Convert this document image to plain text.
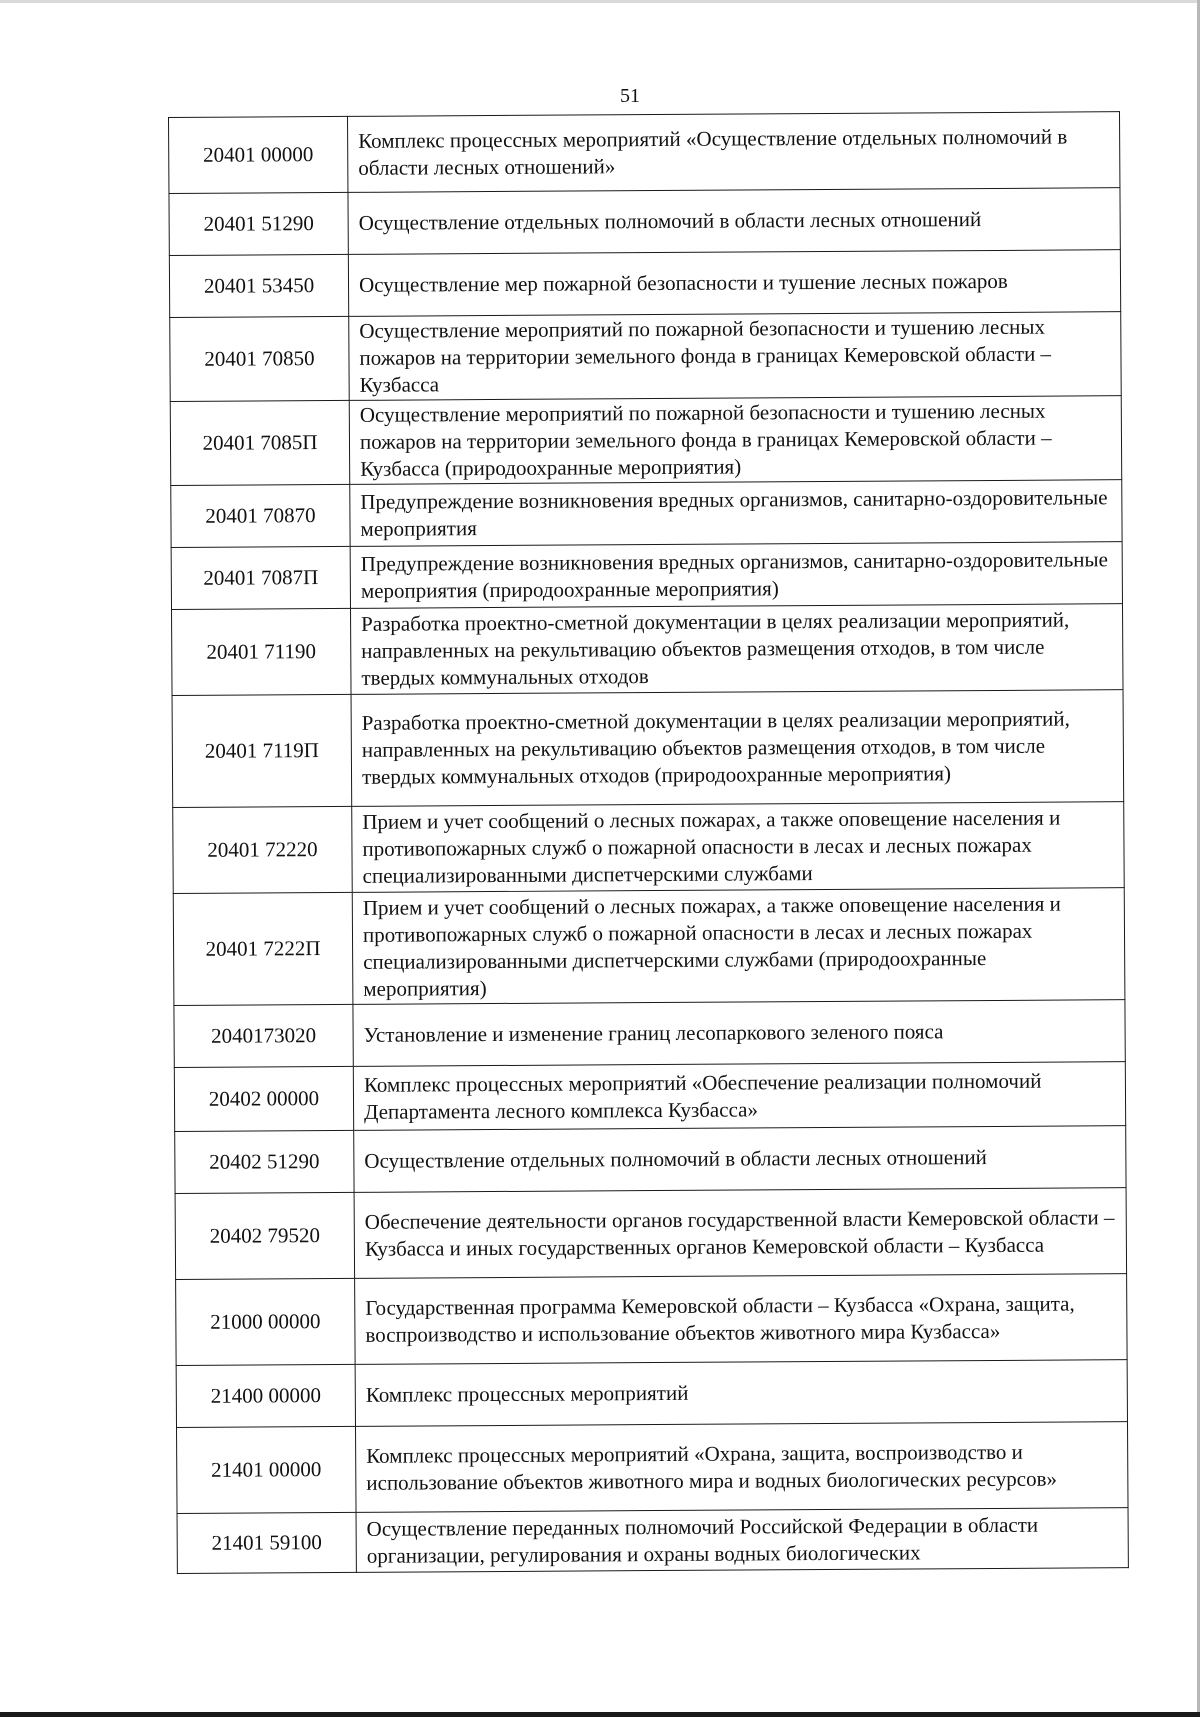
51
20401 00000	Комплекс процессных мероприятий «Осуществление отдельных полномочий в области лесных отношений»
20401 51290	Осуществление отдельных полномочий в области лесных отношений
20401 53450	Осуществление мер пожарной безопасности и тушение лесных пожаров
20401 70850	Осуществление мероприятий по пожарной безопасности и тушению лесных пожаров на территории земельного фонда в границах Кемеровской области – Кузбасса
20401 7085П	Осуществление мероприятий по пожарной безопасности и тушению лесных пожаров на территории земельного фонда в границах Кемеровской области – Кузбасса (природоохранные мероприятия)
20401 70870	Предупреждение возникновения вредных организмов, санитарно-оздоровительные мероприятия
20401 7087П	Предупреждение возникновения вредных организмов, санитарно-оздоровительные мероприятия (природоохранные мероприятия)
20401 71190	Разработка проектно-сметной документации в целях реализации мероприятий, направленных на рекультивацию объектов размещения отходов, в том числе твердых коммунальных отходов
20401 7119П	Разработка проектно-сметной документации в целях реализации мероприятий, направленных на рекультивацию объектов размещения отходов, в том числе твердых коммунальных отходов (природоохранные мероприятия)
20401 72220	Прием и учет сообщений о лесных пожарах, а также оповещение населения и противопожарных служб о пожарной опасности в лесах и лесных пожарах специализированными диспетчерскими службами
20401 7222П	Прием и учет сообщений о лесных пожарах, а также оповещение населения и противопожарных служб о пожарной опасности в лесах и лесных пожарах специализированными диспетчерскими службами (природоохранные мероприятия)
2040173020	Установление и изменение границ лесопаркового зеленого пояса
20402 00000	Комплекс процессных мероприятий «Обеспечение реализации полномочий Департамента лесного комплекса Кузбасса»
20402 51290	Осуществление отдельных полномочий в области лесных отношений
20402 79520	Обеспечение деятельности органов государственной власти Кемеровской области – Кузбасса и иных государственных органов Кемеровской области – Кузбасса
21000 00000	Государственная программа Кемеровской области – Кузбасса «Охрана, защита, воспроизводство и использование объектов животного мира Кузбасса»
21400 00000	Комплекс процессных мероприятий
21401 00000	Комплекс процессных мероприятий «Охрана, защита, воспроизводство и использование объектов животного мира и водных биологических ресурсов»
21401 59100	Осуществление переданных полномочий Российской Федерации в области организации, регулирования и охраны водных биологических
